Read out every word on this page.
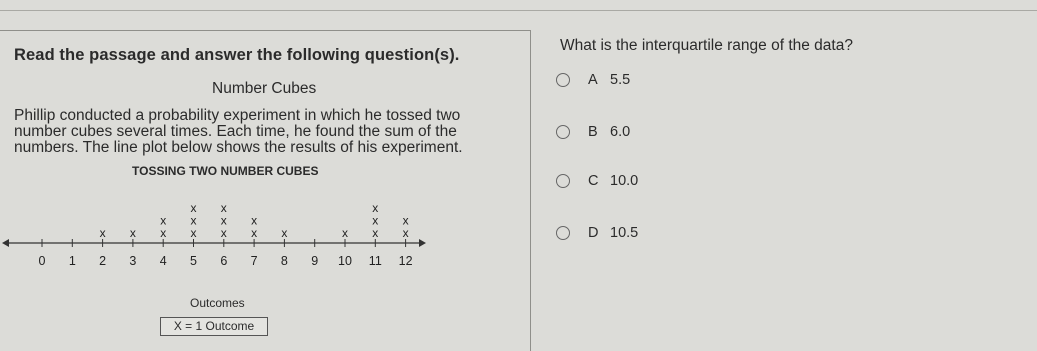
Read the passage and answer the following question(s).
Number Cubes
Phillip conducted a probability experiment in which he tossed two
number cubes several times. Each time, he found the sum of the
numbers. The line plot below shows the results of his experiment.
TOSSING TWO NUMBER CUBES
0 1 2 3 4 5 6 7 8 9 10 11 12
x x x
x
x
x
x
x
x
x
x
x
x	x x
x
x
x
x
Outcomes
X = 1 Outcome
What is the interquartile range of the data?
A 5.5
B 6.0
C 10.0
D 10.5
